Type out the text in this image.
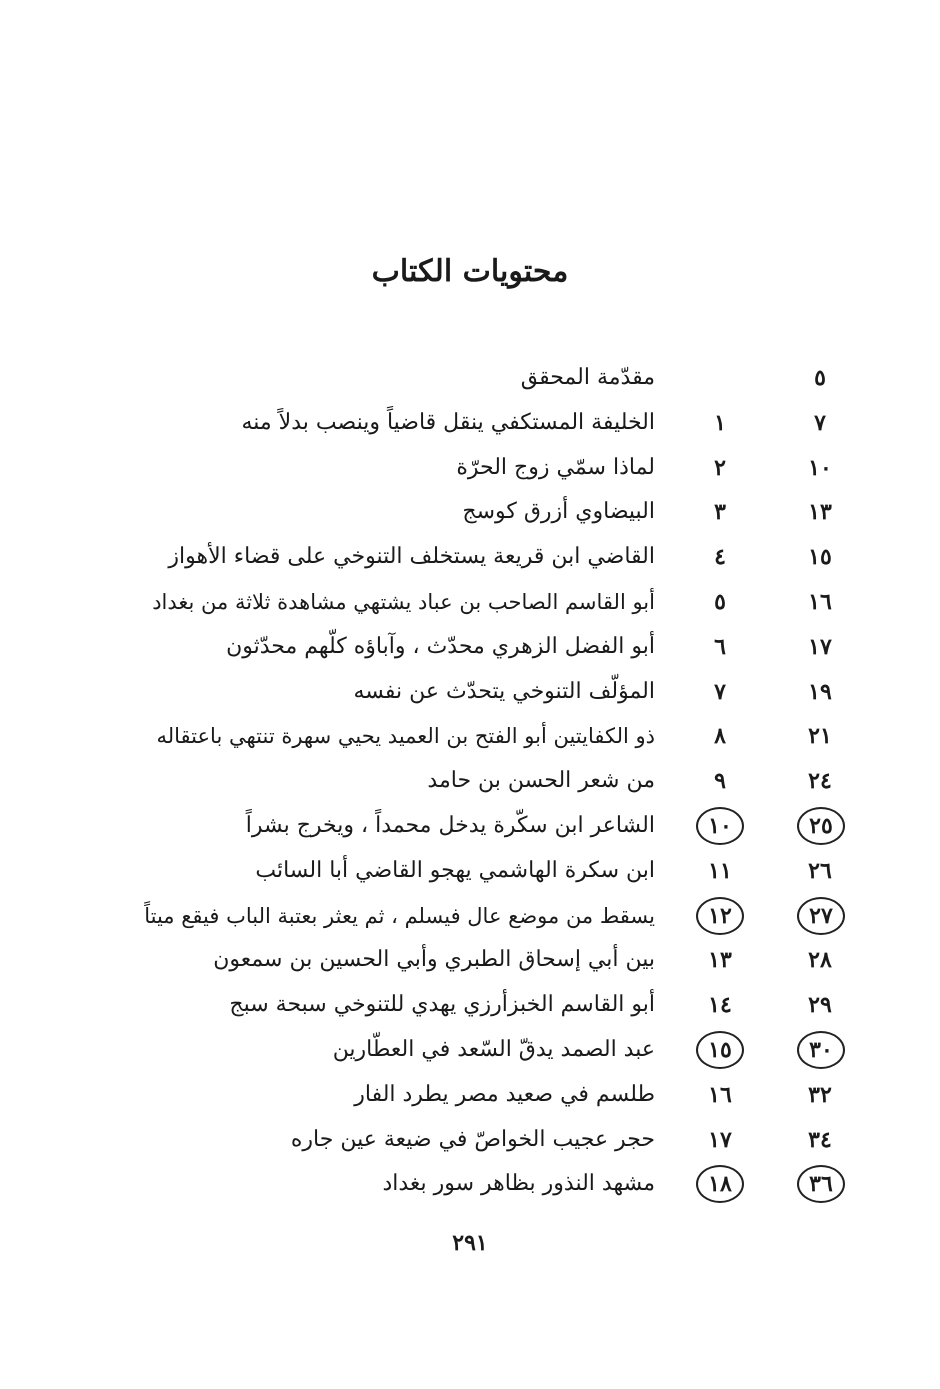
محتويات الكتاب
٥
مقدّمة المحقق
٧
١
الخليفة المستكفي ينقل قاضياً وينصب بدلاً منه
١٠
٢
لماذا سمّي زوج الحرّة
١٣
٣
البيضاوي أزرق كوسج
١٥
٤
القاضي ابن قريعة يستخلف التنوخي على قضاء الأهواز
١٦
٥
أبو القاسم الصاحب بن عباد يشتهي مشاهدة ثلاثة من بغداد
١٧
٦
أبو الفضل الزهري محدّث ، وآباؤه كلّهم محدّثون
١٩
٧
المؤلّف التنوخي يتحدّث عن نفسه
٢١
٨
ذو الكفايتين أبو الفتح بن العميد يحيي سهرة تنتهي باعتقاله
٢٤
٩
من شعر الحسن بن حامد
٢٥
١٠
الشاعر ابن سكّرة يدخل محمداً ، ويخرج بشراً
٢٦
١١
ابن سكرة الهاشمي يهجو القاضي أبا السائب
٢٧
١٢
يسقط من موضع عال فيسلم ، ثم يعثر بعتبة الباب فيقع ميتاً
٢٨
١٣
بين أبي إسحاق الطبري وأبي الحسين بن سمعون
٢٩
١٤
أبو القاسم الخبزأرزي يهدي للتنوخي سبحة سبج
٣٠
١٥
عبد الصمد يدقّ السّعد في العطّارين
٣٢
١٦
طلسم في صعيد مصر يطرد الفار
٣٤
١٧
حجر عجيب الخواصّ في ضيعة عين جاره
٣٦
١٨
مشهد النذور بظاهر سور بغداد
٢٩١
